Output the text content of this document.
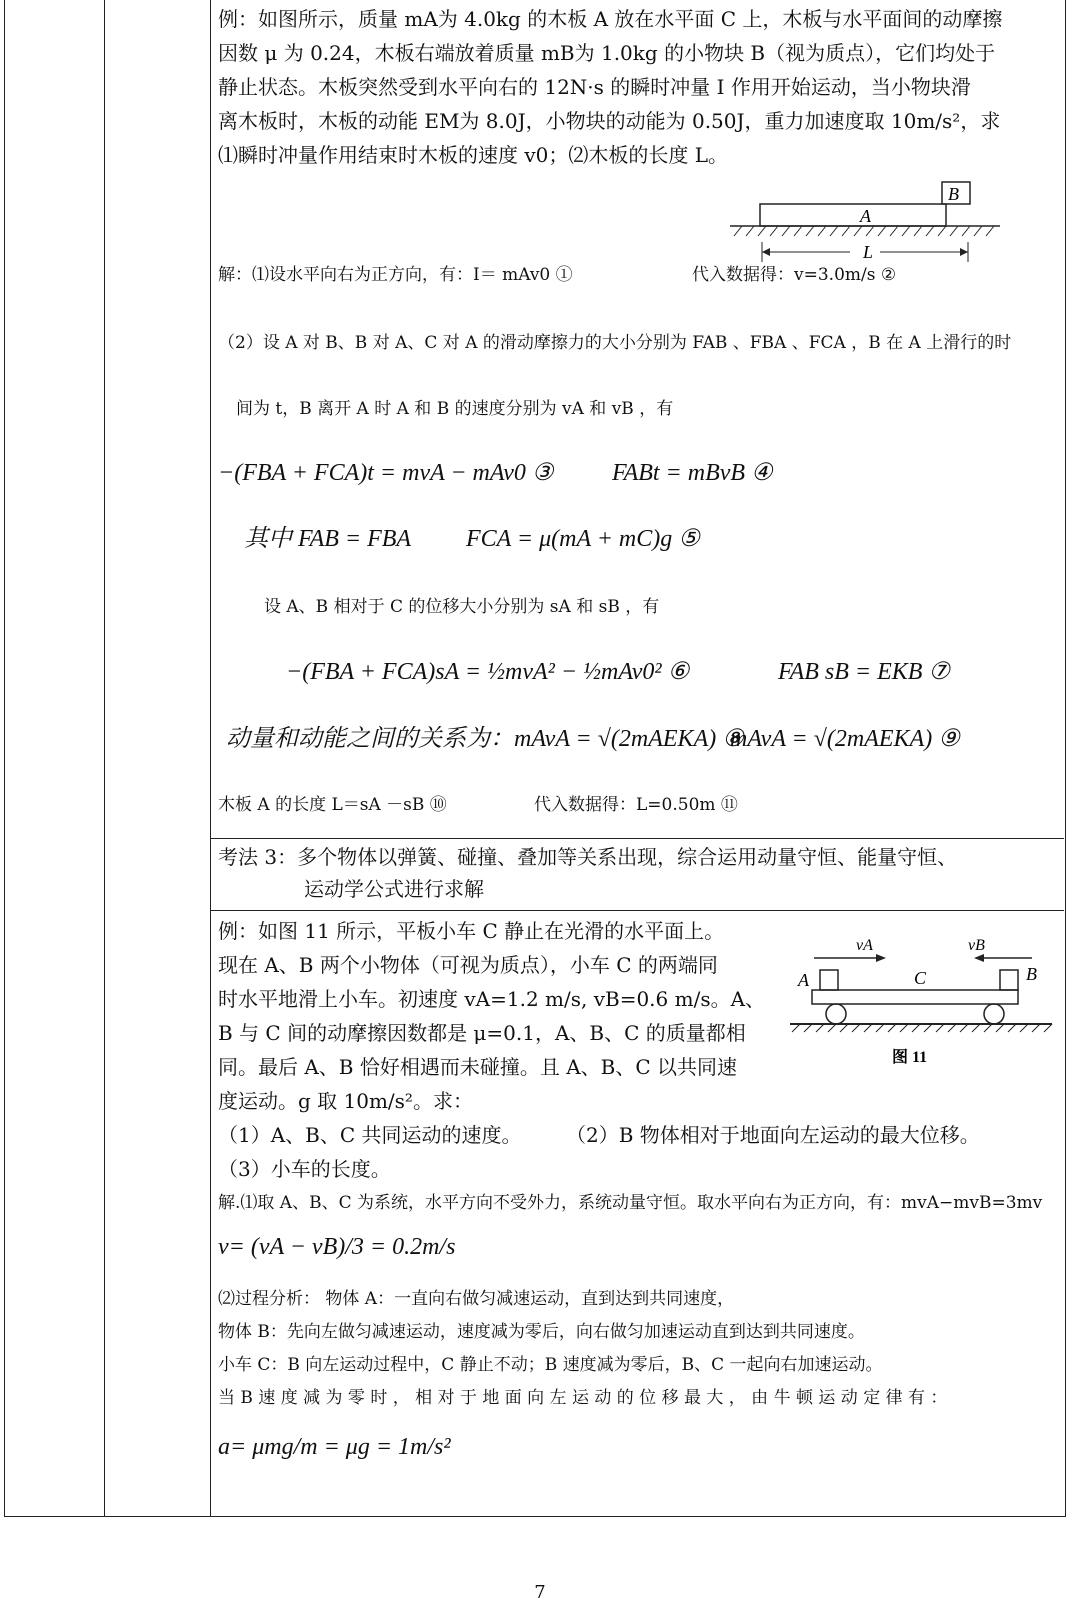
例：如图所示，质量 mA为 4.0kg 的木板 A 放在水平面 C 上，木板与水平面间的动摩擦
因数 μ 为 0.24，木板右端放着质量 mB为 1.0kg 的小物块 B（视为质点），它们均处于
静止状态。木板突然受到水平向右的 12N·s 的瞬时冲量 I 作用开始运动，当小物块滑
离木板时，木板的动能 EM为 8.0J，小物块的动能为 0.50J，重力加速度取 10m/s²，求
⑴瞬时冲量作用结束时木板的速度 v0；⑵木板的长度 L。
B
A
L
解：⑴设水平向右为正方向，有：I＝ mAv0 ①	代入数据得：v=3.0m/s ②
（2）设 A 对 B、B 对 A、C 对 A 的滑动摩擦力的大小分别为 FAB 、FBA 、FCA ，B 在 A 上滑行的时
间为 t，B 离开 A 时 A 和 B 的速度分别为 vA 和 vB ，有
−(FBA + FCA)t = mvA − mAv0 ③ FABt = mBvB ④
其中 FAB = FBA FCA = μ(mA + mC)g ⑤
设 A、B 相对于 C 的位移大小分别为 sA 和 sB ，有
−(FBA + FCA)sA = ½mvA² − ½mAv0² ⑥	FAB sB = EKB ⑦
动量和动能之间的关系为：mAvA = √(2mAEKA) ⑧
mAvA = √(2mAEKA) ⑨
木板 A 的长度 L＝sA －sB ⑩	代入数据得：L=0.50m ⑪
考法 3：多个物体以弹簧、碰撞、叠加等关系出现，综合运用动量守恒、能量守恒、
运动学公式进行求解
例：如图 11 所示，平板小车 C 静止在光滑的水平面上。
现在 A、B 两个小物体（可视为质点），小车 C 的两端同
时水平地滑上小车。初速度 vA=1.2 m/s, vB=0.6 m/s。A、
B 与 C 间的动摩擦因数都是 μ=0.1，A、B、C 的质量都相
同。最后 A、B 恰好相遇而未碰撞。且 A、B、C 以共同速
度运动。g 取 10m/s²。求：
（1）A、B、C 共同运动的速度。 （2）B 物体相对于地面向左运动的最大位移。
（3）小车的长度。
vA	vB
C
A	B
图 11
解.⑴取 A、B、C 为系统，水平方向不受外力，系统动量守恒。取水平向右为正方向，有：mvA−mvB=3mv
v= (vA − vB)/3 = 0.2m/s
⑵过程分析： 物体 A：一直向右做匀减速运动，直到达到共同速度，
物体 B：先向左做匀减速运动，速度减为零后，向右做匀加速运动直到达到共同速度。
小车 C：B 向左运动过程中，C 静止不动；B 速度减为零后，B、C 一起向右加速运动。
当 B 速 度 减 为 零 时 ， 相 对 于 地 面 向 左 运 动 的 位 移 最 大 ， 由 牛 顿 运 动 定 律 有 ：
a= μmg/m = μg = 1m/s²
7
